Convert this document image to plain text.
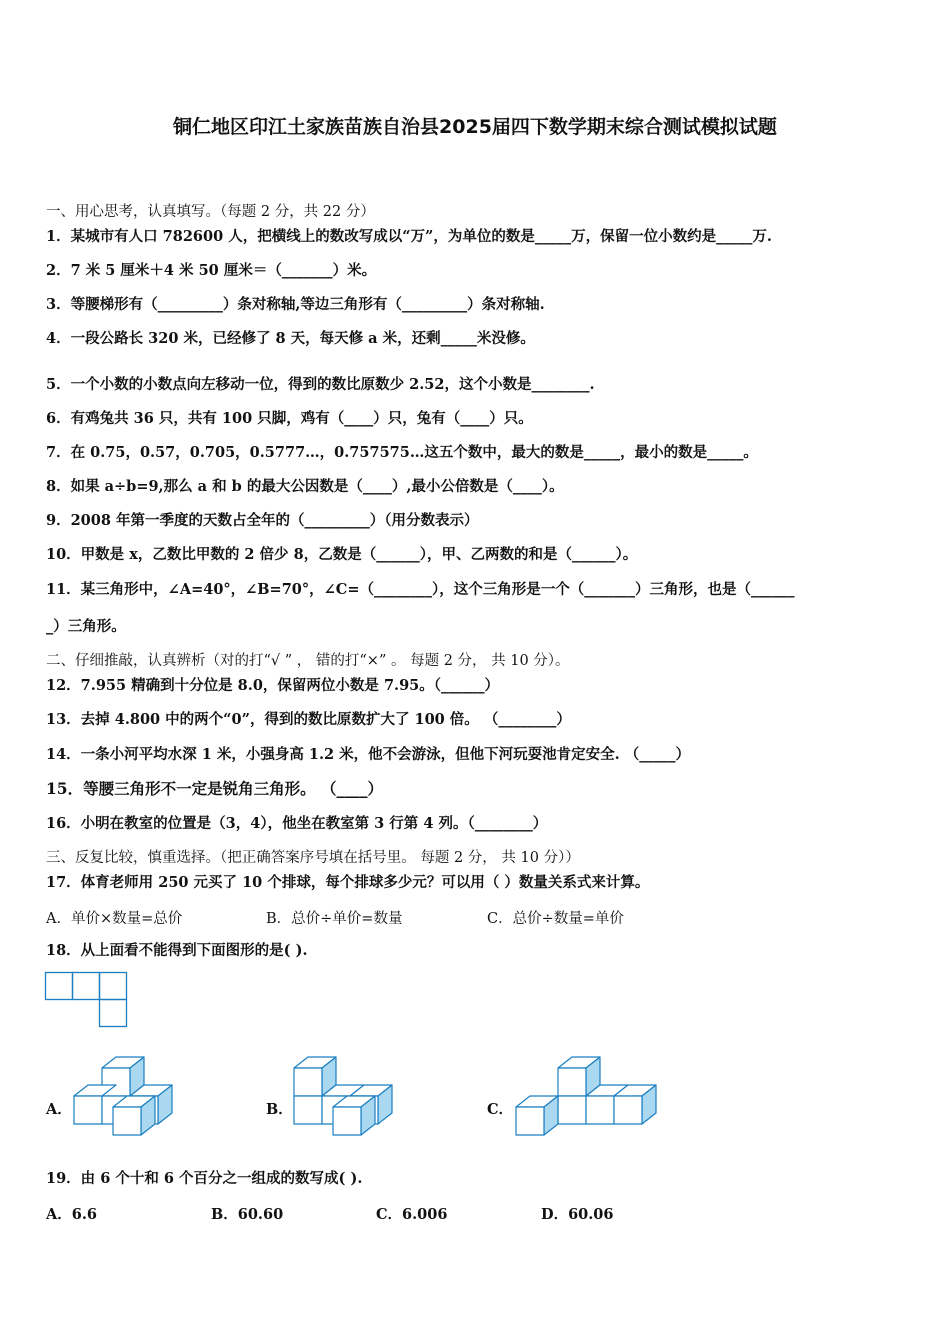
铜仁地区印江土家族苗族自治县2025届四下数学期末综合测试模拟试题
一、用心思考，认真填写。（每题 2 分，共 22 分）
1．某城市有人口 782600 人，把横线上的数改写成以“万”，为单位的数是_____万，保留一位小数约是_____万.
2．7 米 5 厘米＋4 米 50 厘米＝（_______）米。
3．等腰梯形有（_________）条对称轴,等边三角形有（_________）条对称轴.
4．一段公路长 320 米，已经修了 8 天，每天修 a 米，还剩_____米没修。
5．一个小数的小数点向左移动一位，得到的数比原数少 2.52，这个小数是________.
6．有鸡兔共 36 只，共有 100 只脚，鸡有（____）只，兔有（____）只。
7．在 0.75，0.57，0.705，0.5777…，0.757575…这五个数中，最大的数是_____，最小的数是_____。
8．如果 a÷b=9,那么 a 和 b 的最大公因数是（____）,最小公倍数是（____）。
9．2008 年第一季度的天数占全年的（_________）（用分数表示）
10．甲数是 x，乙数比甲数的 2 倍少 8，乙数是（______），甲、乙两数的和是（______）。
11．某三角形中，∠A=40°，∠B=70°，∠C=（________），这个三角形是一个（_______）三角形，也是（______
_）三角形。
二、仔细推敲，认真辨析（对的打“√ ” ， 错的打“×” 。 每题 2 分， 共 10 分）。
12．7.955 精确到十分位是 8.0，保留两位小数是 7.95。（______）
13．去掉 4.800 中的两个“0”，得到的数比原数扩大了 100 倍。 （________）
14．一条小河平均水深 1 米，小强身高 1.2 米，他不会游泳，但他下河玩耍池肯定安全. （_____）
15．等腰三角形不一定是锐角三角形。 （____）
16．小明在教室的位置是（3，4），他坐在教室第 3 行第 4 列。（________）
三、反复比较，慎重选择。（把正确答案序号填在括号里。 每题 2 分， 共 10 分））
17．体育老师用 250 元买了 10 个排球，每个排球多少元？可以用（ ）数量关系式来计算。
A．单价×数量=总价	B．总价÷单价=数量	C．总价÷数量=单价
18．从上面看不能得到下面图形的是( ).
A．	B．	C．
19．由 6 个十和 6 个百分之一组成的数写成( ).
A．6.6	B．60.60	C．6.006	D．60.06
